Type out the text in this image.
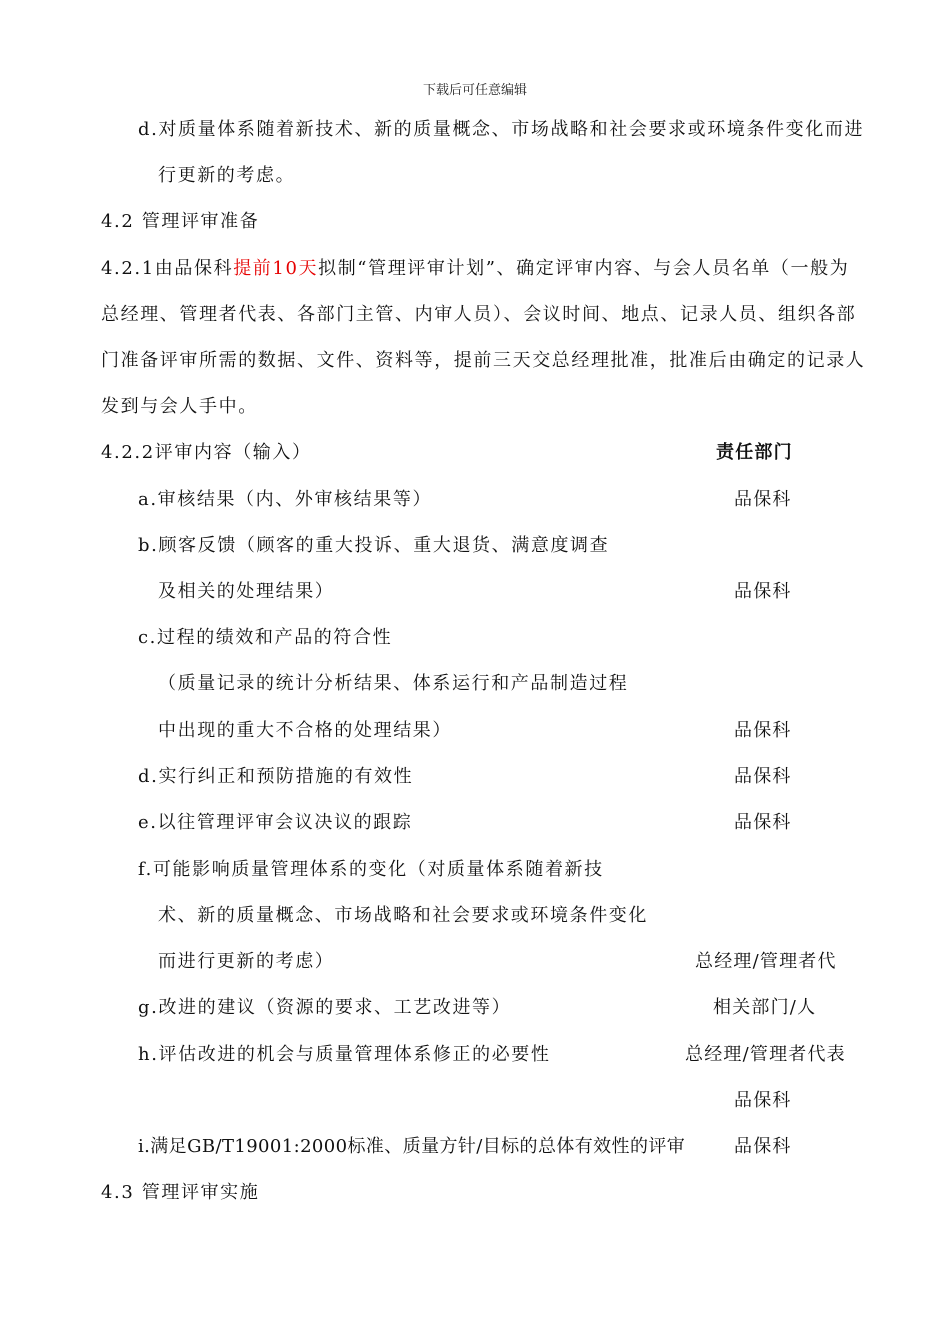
下载后可任意编辑
d.对质量体系随着新技术、新的质量概念、市场战略和社会要求或环境条件变化而进
行更新的考虑。
4.2 管理评审准备
4.2.1由品保科提前10天拟制“管理评审计划”、确定评审内容、与会人员名单（一般为
总经理、管理者代表、各部门主管、内审人员）、会议时间、地点、记录人员、组织各部
门准备评审所需的数据、文件、资料等，提前三天交总经理批准，批准后由确定的记录人
发到与会人手中。
4.2.2评审内容（输入）	责任部门
a.审核结果（内、外审核结果等）	品保科
b.顾客反馈（顾客的重大投诉、重大退货、满意度调查
及相关的处理结果）	品保科
c.过程的绩效和产品的符合性
（质量记录的统计分析结果、体系运行和产品制造过程
中出现的重大不合格的处理结果）	品保科
d.实行纠正和预防措施的有效性	品保科
e.以往管理评审会议决议的跟踪	品保科
f.可能影响质量管理体系的变化（对质量体系随着新技
术、新的质量概念、市场战略和社会要求或环境条件变化
而进行更新的考虑）	总经理/管理者代
g.改进的建议（资源的要求、工艺改进等）	相关部门/人
h.评估改进的机会与质量管理体系修正的必要性	总经理/管理者代表
品保科
i.满足GB/T19001:2000标准、质量方针/目标的总体有效性的评审	品保科
4.3 管理评审实施
